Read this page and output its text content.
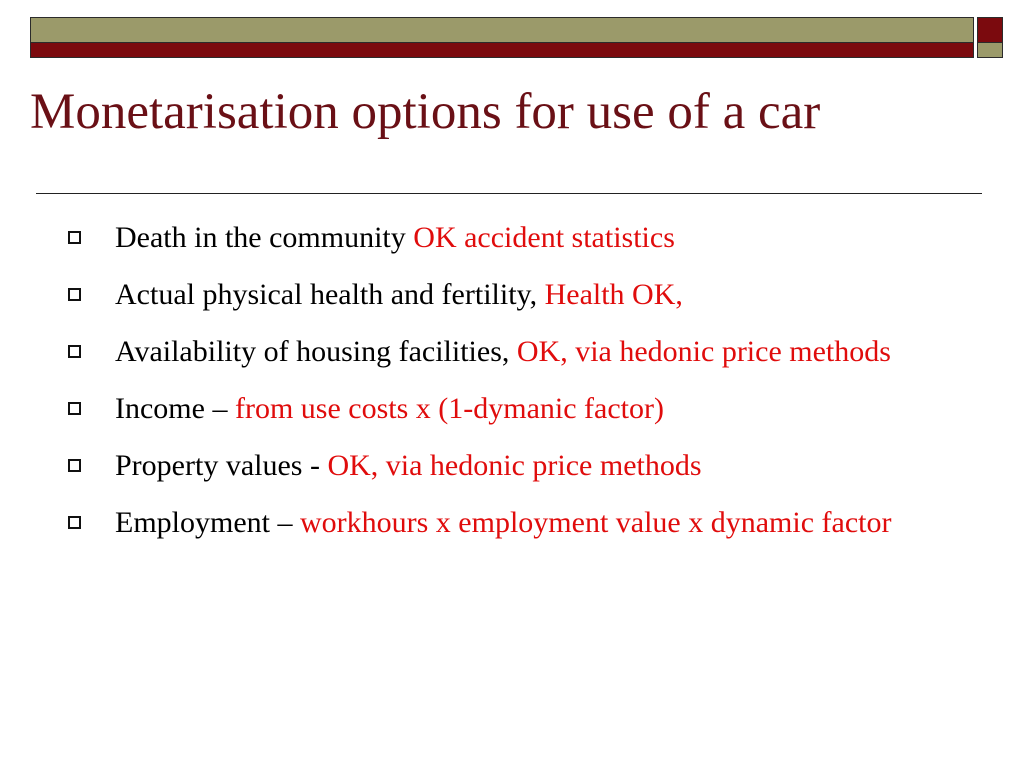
Monetarisation options for use of a car
Death in the community OK accident statistics
Actual physical health and fertility, Health OK,
Availability of housing facilities, OK, via hedonic price methods
Income – from use costs x (1-dymanic factor)
Property values - OK, via hedonic price methods
Employment – workhours x employment value x dynamic factor
